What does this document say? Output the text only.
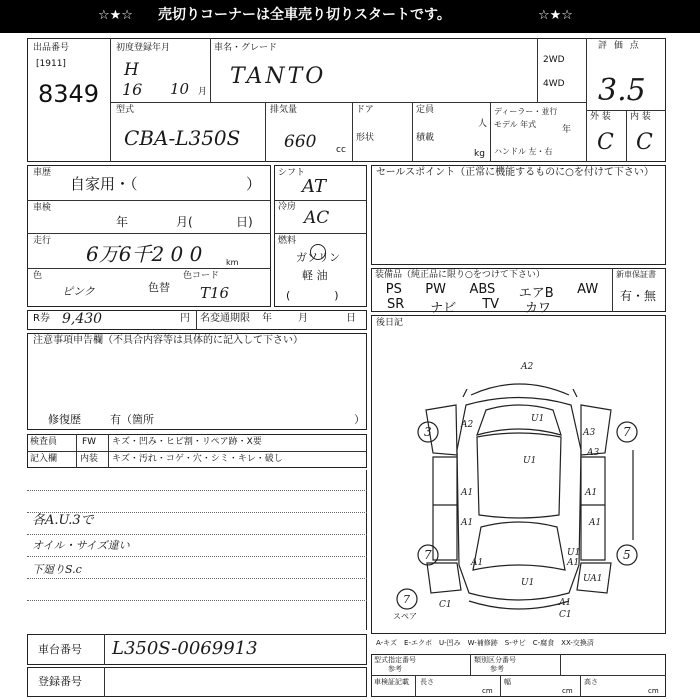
☆★☆ 売切りコーナーは全車売り切りスタートです。	☆★☆
出品番号
[1911]
8349
初度登録年月
H
16 10 月
車名・グレード
TANTO
2WD
4WD
評 価 点
3.5
外 装 内 装
C C
型式
CBA-L350S
排気量
660 cc
ドア
形状
定員
人
積載
kg
ディーラー・並行
モデル 年式
年
ハンドル 左・右
車歴
自家用・（	）
車検
年	月(	日)
走行
6万6千2 0 0	km
色
ピンク	色替
色コード
T16
シフト
AT
冷房
AC
燃料
ガソリン
軽 油
(　　　　)
R券 9,430	円 名変通期限 年	月	日
セールスポイント（正常に機能するものに○を付けて下さい）
装備品（純正品に限り○をつけて下さい）
PS PW ABS エアB AW
SR ナビ TV カワ
新車保証書
有・無
注意事項申告欄（不具合内容等は具体的に記入して下さい）
修復歴	有（箇所	）
後日記
A2
U1
A2
A3
A1
A1
A1
A1
U1
A3
A1	A1
U1
U1
UA1
A1
C1
C1
3	7
7	5
7
スペア
A-キズ　E-エクボ　U-凹み　W-補修跡　S-サビ　C-腐食　XX-交換済
検査員
記入欄
FW キズ・凹み・ヒビ割・リペア跡・X要
内装 キズ・汚れ・コゲ・穴・シミ・キレ・破し
各A.U.3で
オイル・サイズ違い
下廻りS.c
車台番号 L350S-0069913
登録番号
型式指定番号
参考
類別区分番号
参考
車検証記載 長さ
cm
幅
cm
高さ
cm
